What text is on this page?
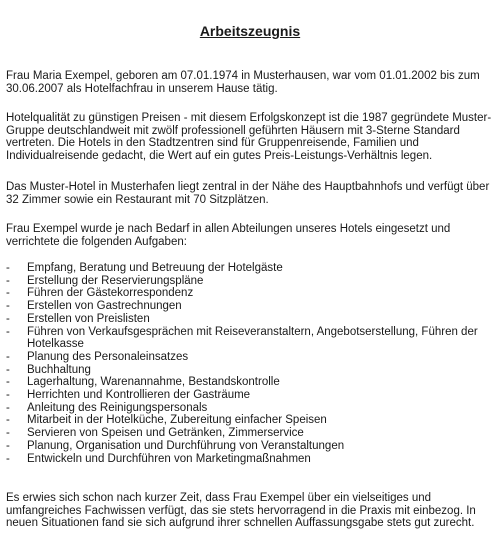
Arbeitszeugnis

Frau Maria Exempel, geboren am 07.01.1974 in Musterhausen, war vom 01.01.2002 bis zum 30.06.2007 als Hotelfachfrau in unserem Hause tätig.

Hotelqualität zu günstigen Preisen - mit diesem Erfolgskonzept ist die 1987 gegründete Muster-Gruppe deutschlandweit mit zwölf professionell geführten Häusern mit 3-Sterne Standard vertreten. Die Hotels in den Stadtzentren sind für Gruppenreisende, Familien und Individualreisende gedacht, die Wert auf ein gutes Preis-Leistungs-Verhältnis legen.

Das Muster-Hotel in Musterhafen liegt zentral in der Nähe des Hauptbahnhofs und verfügt über 32 Zimmer sowie ein Restaurant mit 70 Sitzplätzen.

Frau Exempel wurde je nach Bedarf in allen Abteilungen unseres Hotels eingesetzt und verrichtete die folgenden Aufgaben:

- Empfang, Beratung und Betreuung der Hotelgäste
- Erstellung der Reservierungspläne
- Führen der Gästekorrespondenz
- Erstellen von Gastrechnungen
- Erstellen von Preislisten
- Führen von Verkaufsgesprächen mit Reiseveranstaltern, Angebotserstellung, Führen der Hotelkasse
- Planung des Personaleinsatzes
- Buchhaltung
- Lagerhaltung, Warenannahme, Bestandskontrolle
- Herrichten und Kontrollieren der Gasträume
- Anleitung des Reinigungspersonals
- Mitarbeit in der Hotelküche, Zubereitung einfacher Speisen
- Servieren von Speisen und Getränken, Zimmerservice
- Planung, Organisation und Durchführung von Veranstaltungen
- Entwickeln und Durchführen von Marketingmaßnahmen

Es erwies sich schon nach kurzer Zeit, dass Frau Exempel über ein vielseitiges und umfangreiches Fachwissen verfügt, das sie stets hervorragend in die Praxis mit einbezog. In neuen Situationen fand sie sich aufgrund ihrer schnellen Auffassungsgabe stets gut zurecht.
